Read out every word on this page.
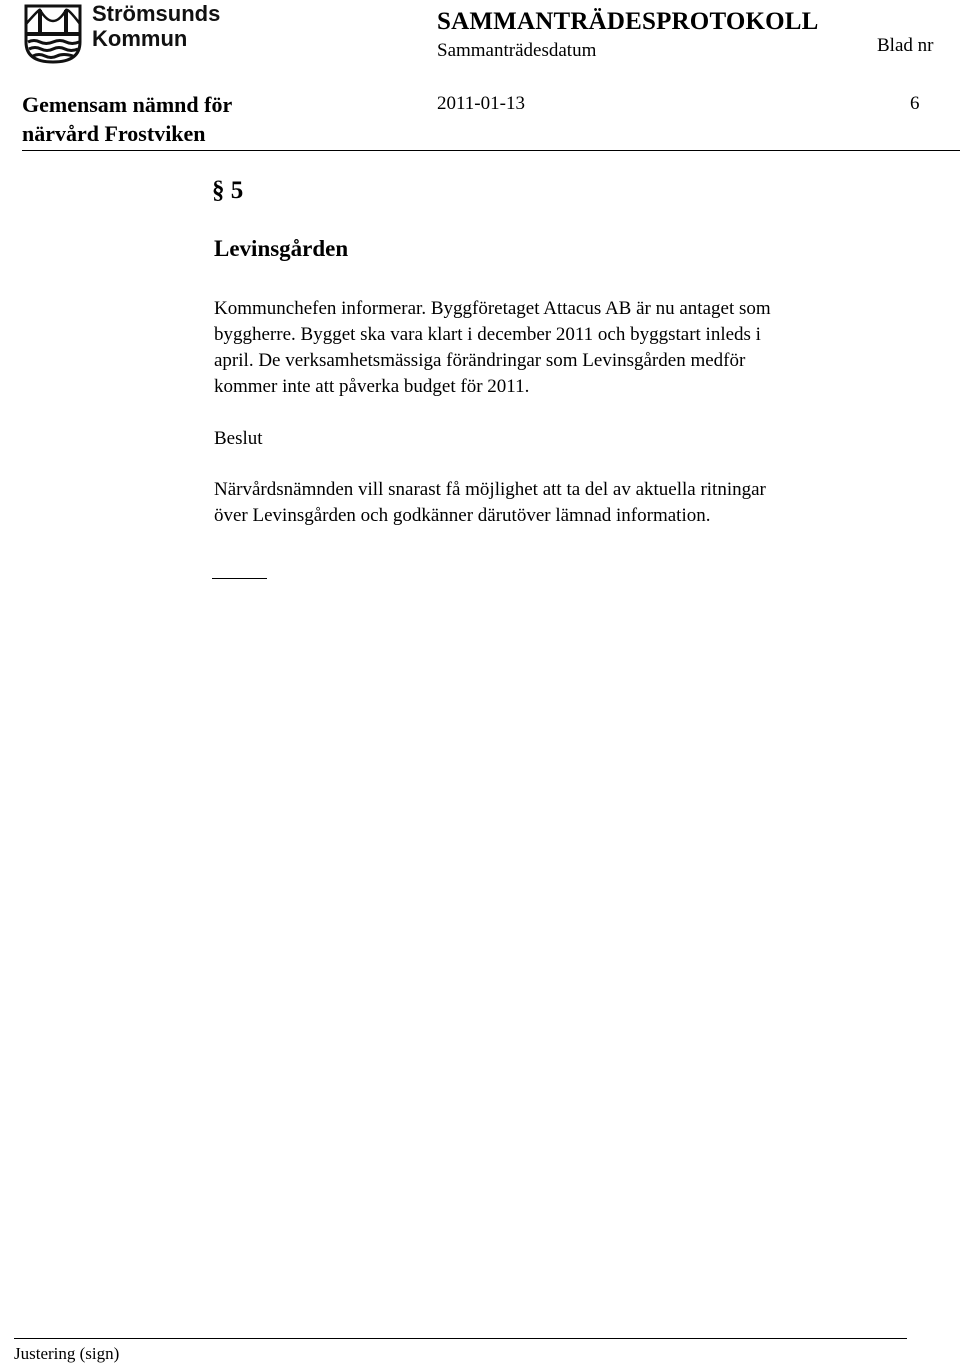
Strömsunds
Kommun
SAMMANTRÄDESPROTOKOLL
Sammanträdesdatum	Blad nr
Gemensam nämnd för
närvård Frostviken
2011-01-13	6
§ 5
Levinsgården

Kommunchefen informerar. Byggföretaget Attacus AB är nu antaget som

byggherre. Bygget ska vara klart i december 2011 och byggstart inleds i

april. De verksamhetsmässiga förändringar som Levinsgården medför

kommer inte att påverka budget för 2011.

Beslut

Närvårdsnämnden vill snarast få möjlighet att ta del av aktuella ritningar

över Levinsgården och godkänner därutöver lämnad information.

Justering (sign)
